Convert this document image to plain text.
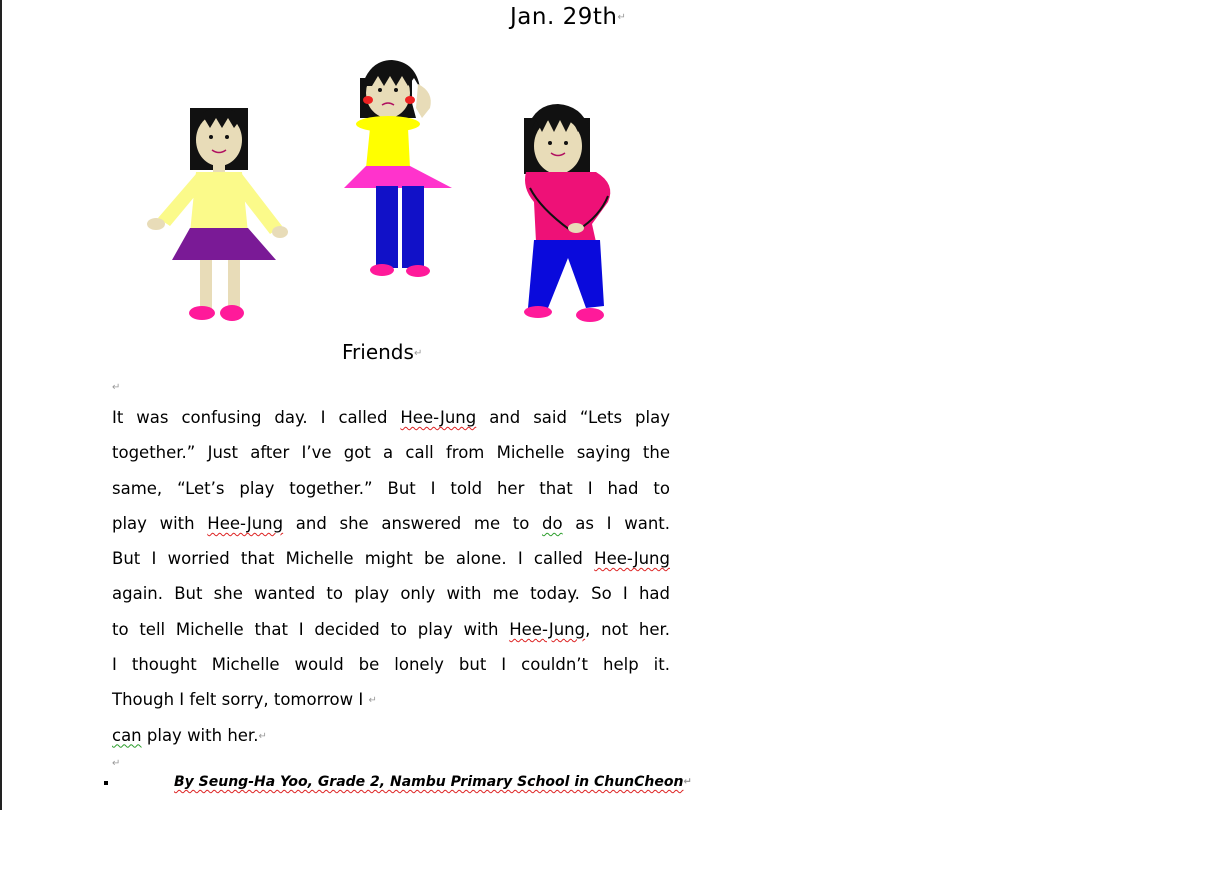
Jan. 29th↵
Friends↵
↵
It was confusing day. I called Hee-Jung and said “Lets play
together.” Just after I’ve got a call from Michelle saying the
same, “Let’s play together.” But I told her that I had to
play with Hee-Jung and she answered me to do as I want.
But I worried that Michelle might be alone. I called Hee-Jung
again. But she wanted to play only with me today. So I had
to tell Michelle that I decided to play with Hee-Jung, not her.
I thought Michelle would be lonely but I couldn’t help it.
Though I felt sorry, tomorrow I ↵
can play with her.↵
↵
By Seung-Ha Yoo, Grade 2, Nambu Primary School in ChunCheon↵
